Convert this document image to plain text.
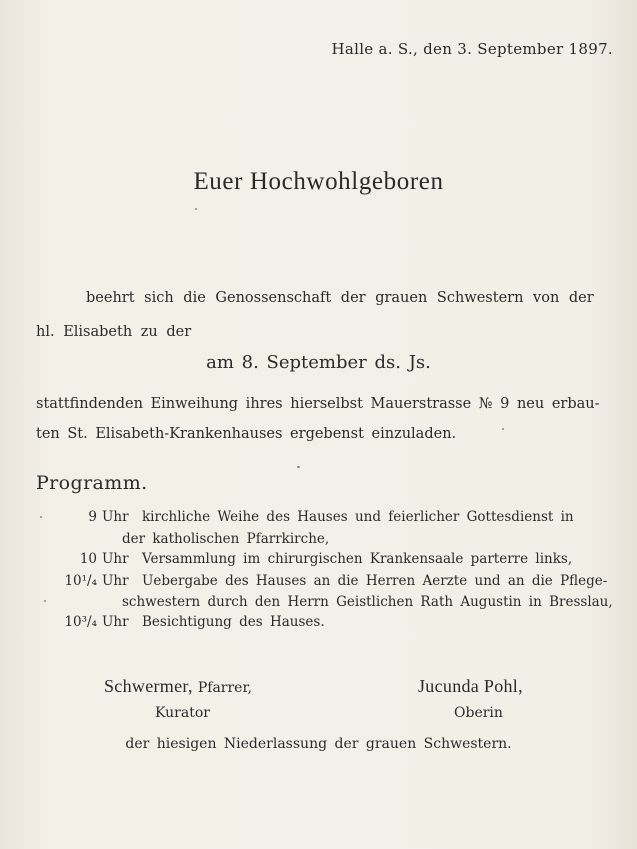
Halle a. S., den 3. September 1897.
Euer Hochwohlgeboren
beehrt sich die Genossenschaft der grauen Schwestern von der
hl. Elisabeth zu der
am 8. September ds. Js.
stattfindenden Einweihung ihres hierselbst Mauerstrasse № 9 neu erbau-
ten St. Elisabeth-Krankenhauses ergebenst einzuladen.
Programm.
9 Uhr kirchliche Weihe des Hauses und feierlicher Gottesdienst in
der katholischen Pfarrkirche,
10 Uhr Versammlung im chirurgischen Krankensaale parterre links,
10¹/₄ Uhr Uebergabe des Hauses an die Herren Aerzte und an die Pflege-
schwestern durch den Herrn Geistlichen Rath Augustin in Bresslau,
10³/₄ Uhr Besichtigung des Hauses.
Schwermer, Pfarrer,
Kurator
Jucunda Pohl,
Oberin
der hiesigen Niederlassung der grauen Schwestern.
